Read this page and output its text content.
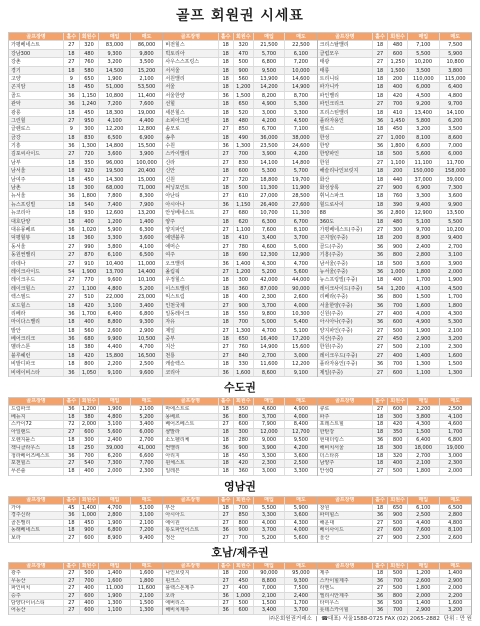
골프 회원권 시세표
골프장명	홀수	회원수	매입	매도
가평베네스트	27	320	83,000	86,000
강남300	18	480	9,300	9,800
강촌	27	760	3,200	3,500
경기	18	580	14,500	15,200
고양	9	650	1,900	2,100
곤지암	18	450	51,000	53,500
골드	36	1,150	10,800	11,400
관악	36	1,240	7,200	7,600
광릉	18	450	18,300	19,000
그린힐	27	950	4,100	4,400
글렌로스	9	300	12,200	12,800
금강	18	830	6,500	6,900
기흥	36	1,300	14,800	15,500
김포씨사이드	27	720	3,600	3,900
남부	18	350	96,000	100,000
남서울	18	920	19,500	20,400
남여주	18	450	14,300	15,000
남촌	18	300	68,000	71,000
뉴서울	36	1,800	7,800	8,300
뉴스프링빌	18	540	7,400	7,900
뉴코리아	18	930	12,600	13,200
대호단양	18	400	1,200	1,400
대유몽베르	36	1,020	5,900	6,300
덕평힐뷰	18	360	3,300	3,600
동서울	27	990	3,800	4,100
동원썬밸리	27	870	6,100	6,500
라데나	27	910	10,400	11,000
레이크사이드	54	1,900	13,700	14,400
레이크우드	27	770	9,600	10,100
레이크힐스	27	1,100	4,800	5,200
렉스필드	27	510	22,000	23,000
로드힐스	18	420	3,100	3,400
리베라	36	1,700	6,400	6,800
마이다스밸리	18	400	8,800	9,300
발안	18	560	2,600	2,900
베어크리크	36	680	9,900	10,500
벨라스톤	18	380	4,400	4,700
블루헤런	18	420	15,800	16,500
비발디파크	18	800	2,200	2,500
비에이비스타	36	1,050	9,100	9,600
골프장명	홀수	회원수	매입	매도
비전힐스	18	320	21,500	22,500
빅토리아	18	470	5,700	6,100
사우스스프링스	18	500	6,800	7,200
서서울	18	900	9,500	10,000
서원밸리	18	560	13,900	14,600
서울	18	1,200	14,200	14,900
서울한양	36	1,500	8,200	8,700
선힐	18	650	4,900	5,300
세븐힐스	18	520	3,000	3,300
소피아그린	18	480	4,200	4,500
솔모로	27	850	6,700	7,100
송추	18	490	36,000	38,000
수원	36	1,300	23,500	24,600
스카이밸리	27	700	3,900	4,200
신라	27	830	14,100	14,800
신안	18	600	5,300	5,700
신원	27	720	18,800	19,700
써닝포인트	18	500	11,300	11,900
아난티	27	610	27,000	28,500
아시아나	36	1,150	26,400	27,600
안성베네스트	27	680	10,700	11,300
양주	18	620	6,300	6,700
양지파인	27	1,100	7,600	8,100
에덴블루	18	410	3,400	3,700
에머슨	27	780	4,600	5,000
여주	18	690	12,300	12,900
오크밸리	36	1,400	4,300	4,700
올림픽	27	1,200	5,200	5,600
우정힐스	18	300	42,000	44,000
이스트밸리	18	360	87,000	90,000
익스트림	18	400	2,300	2,600
인천국제	27	900	3,700	4,000
일동레이크	18	550	9,800	10,300
자유	18	700	5,000	5,400
제일	27	1,300	4,700	5,100
중부	18	650	16,400	17,200
지산	27	760	14,900	15,600
천룡	27	840	2,700	3,000
캐슬렉스	18	330	11,600	12,200
코리아	36	1,600	8,600	9,100
골프장명	홀수	회원수	매입	매도
크리스탈밸리	18	480	7,100	7,500
클럽모우	27	600	5,500	5,900
태광	27	1,250	10,200	10,800
태릉	18	1,500	3,500	3,800
트리니티	18	200	110,000	115,000
파가니카	18	400	6,000	6,400
파인밸리	18	420	4,500	4,800
파인크리크	27	700	9,200	9,700
프리스틴밸리	18	410	13,400	14,100
플라자용인	36	1,450	5,800	6,200
필로스	18	450	3,200	3,500
한성	27	1,000	8,100	8,600
한양	36	1,800	6,600	7,000
한양파인	18	500	5,600	6,000
한원	27	1,100	11,100	11,700
해슬리나인브릿지	18	200	150,000	158,000
화산	18	440	37,000	39,000
화성상록	27	900	6,900	7,300
휘닉스파크	18	760	3,300	3,600
힐드로사이	18	390	9,400	9,900
88	36	2,800	12,900	13,500
360도	18	480	5,100	5,500
가평베네스트(주중)	27	300	9,700	10,200
곤지암(주중)	18	200	8,900	9,400
골드(주중)	36	900	2,400	2,700
기흥(주중)	36	800	2,800	3,100
남서울(주중)	18	500	3,600	3,900
뉴서울(주중)	36	1,000	1,800	2,000
뉴스프링빌(주중)	18	400	1,700	1,900
레이크사이드(주중)	54	1,200	4,100	4,500
리베라(주중)	36	800	1,500	1,700
서울한양(주중)	36	700	1,600	1,800
신원(주중)	27	400	4,000	4,300
아시아나(주중)	36	600	4,900	5,300
양지파인(주중)	27	500	1,900	2,100
지산(주중)	27	450	2,900	3,200
한원(주중)	27	500	2,100	2,300
레이크우드(주중)	27	400	1,400	1,600
플라자용인(주중)	36	700	1,300	1,500
제일(주중)	27	600	1,100	1,300
수도권
골프장명	홀수	회원수	매입	매도
드림파크	36	1,200	1,900	2,100
베뉴지	18	380	4,800	5,200
스카이72	72	2,000	3,100	3,400
아일랜드	27	600	5,600	6,000
오렌지듄스	18	300	2,400	2,700
잭니클라우스	18	250	39,000	41,000
청라베어즈베스트	36	700	6,200	6,600
포천힐스	27	540	7,300	7,700
푸른솔	18	400	2,000	2,300
골프장명	홀수	회원수	매입	매도
마에스트로	18	350	4,600	4,900
몽베르	36	800	3,700	4,000
베어즈베스트	27	600	7,900	8,400
샴발라	18	300	12,000	12,700
소노펠리체	18	280	9,000	9,500
썬밸리	36	900	3,900	4,200
아리지	18	450	3,300	3,600
윈체스트	18	420	2,300	2,500
일레븐	18	360	3,000	3,300
골프장명	홀수	회원수	매입	매도
큐로	27	600	2,200	2,500
파주	18	300	3,800	4,100
포레스트힐	18	420	4,300	4,600
한탄강	18	350	1,500	1,700
현대더링스	36	800	6,400	6,800
해비치서울	18	300	18,000	19,000
더스타휴	18	320	2,700	3,000
남양주	18	400	2,100	2,300
안성Q	27	500	1,800	2,000
영남권
골프장명	홀수	회원수	매입	매도
가야	45	1,400	4,700	5,100
경주신라	36	1,000	2,800	3,100
골든밸리	18	450	1,900	2,100
동래베네스트	18	900	6,800	7,200
보라	27	600	8,900	9,400
골프장명	홀수	회원수	매입	매도
부산	18	700	5,500	5,900
아시아드	27	850	3,300	3,600
에이원	27	800	4,000	4,300
통도파인이스트	36	900	3,700	4,000
정산	27	700	5,200	5,600
골프장명	홀수	회원수	매입	매도
창원	18	650	6,100	6,500
파미힐스	36	900	2,500	2,800
해운대	27	500	4,400	4,800
베이사이드	27	600	7,600	8,100
울산	27	900	2,300	2,600
호남/제주권
골프장명	홀수	회원수	매입	매도
광주	27	500	1,400	1,600
무등산	27	700	1,600	1,800
파인비치	27	400	11,000	11,600
승주	27	600	1,900	2,100
담양다이너스티	27	400	1,300	1,500
어등산	27	600	1,100	1,300
골프장명	홀수	회원수	매입	매도
나인브릿지	18	200	90,000	95,000
핀크스	27	450	8,800	9,300
블랙스톤제주	27	400	7,000	7,500
오라	36	1,000	2,100	2,400
에버리스	27	500	1,500	1,700
해비치제주	36	600	3,400	3,700
골프장명	홀수	회원수	매입	매도
제주	18	500	1,200	1,400
스카이힐제주	36	700	2,600	2,900
라헨느	27	500	1,800	2,000
엘리시안제주	36	800	2,000	2,200
타미우스	36	500	1,400	1,600
롯데스카이힐	36	700	2,900	3,200
㈜온회원권거래소 | ☎대표) 서울1588-0725 FAX (02) 2065-2882 단위 : 만 원
